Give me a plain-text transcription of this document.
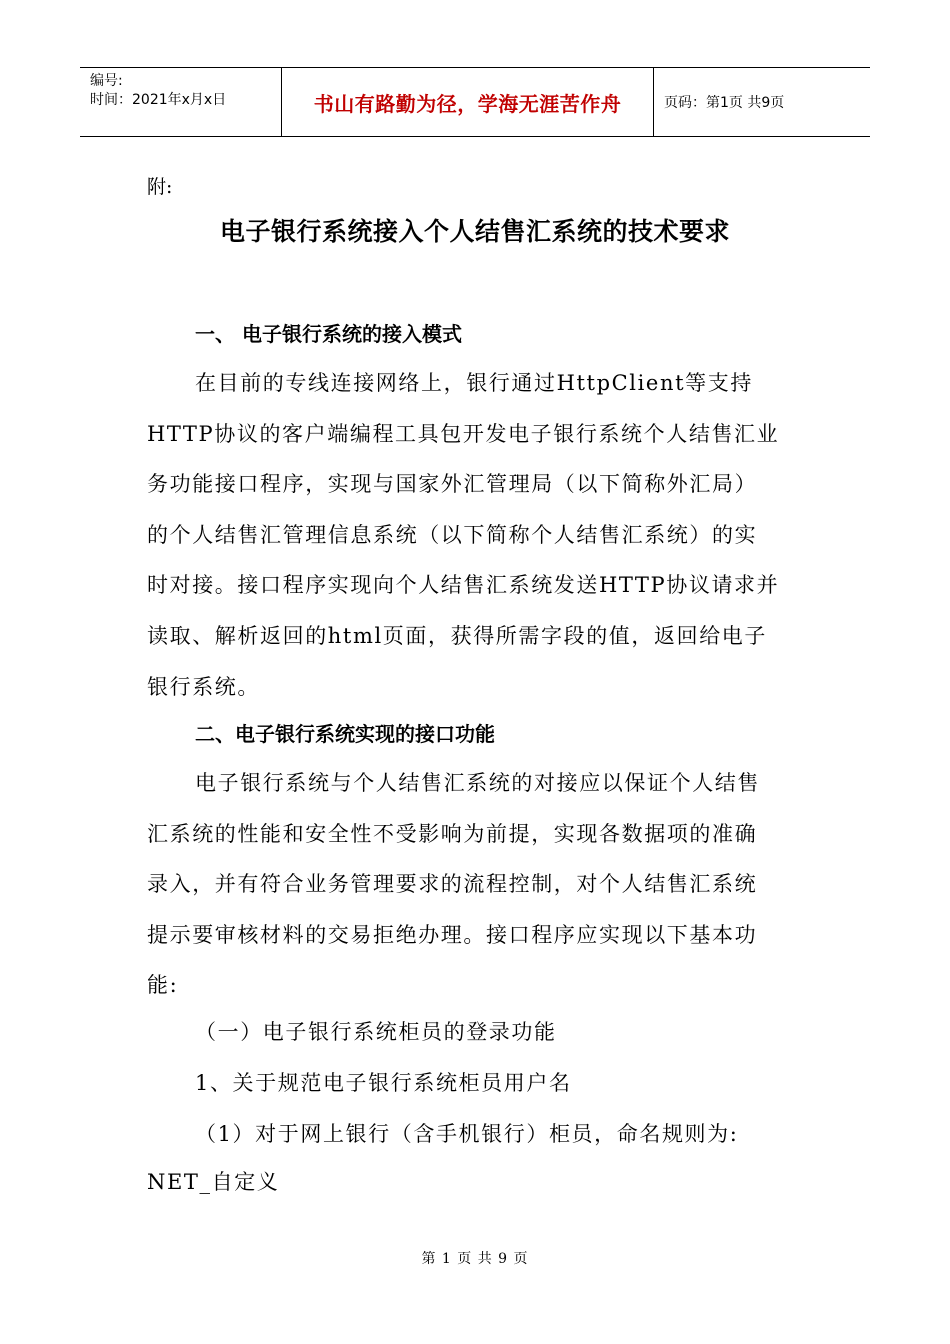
编号:
时间：2021年x月x日	书山有路勤为径，学海无涯苦作舟	页码：第1页 共9页
附:
电子银行系统接入个人结售汇系统的技术要求
一、 电子银行系统的接入模式
在目前的专线连接网络上，银行通过HttpClient等支持
HTTP协议的客户端编程工具包开发电子银行系统个人结售汇业
务功能接口程序，实现与国家外汇管理局（以下简称外汇局）
的个人结售汇管理信息系统（以下简称个人结售汇系统）的实
时对接。接口程序实现向个人结售汇系统发送HTTP协议请求并
读取、解析返回的html页面，获得所需字段的值，返回给电子
银行系统。
二、电子银行系统实现的接口功能
电子银行系统与个人结售汇系统的对接应以保证个人结售
汇系统的性能和安全性不受影响为前提，实现各数据项的准确
录入，并有符合业务管理要求的流程控制，对个人结售汇系统
提示要审核材料的交易拒绝办理。接口程序应实现以下基本功
能:
（一）电子银行系统柜员的登录功能
1、关于规范电子银行系统柜员用户名
（1）对于网上银行（含手机银行）柜员，命名规则为:
NET_自定义
第 1 页 共 9 页
